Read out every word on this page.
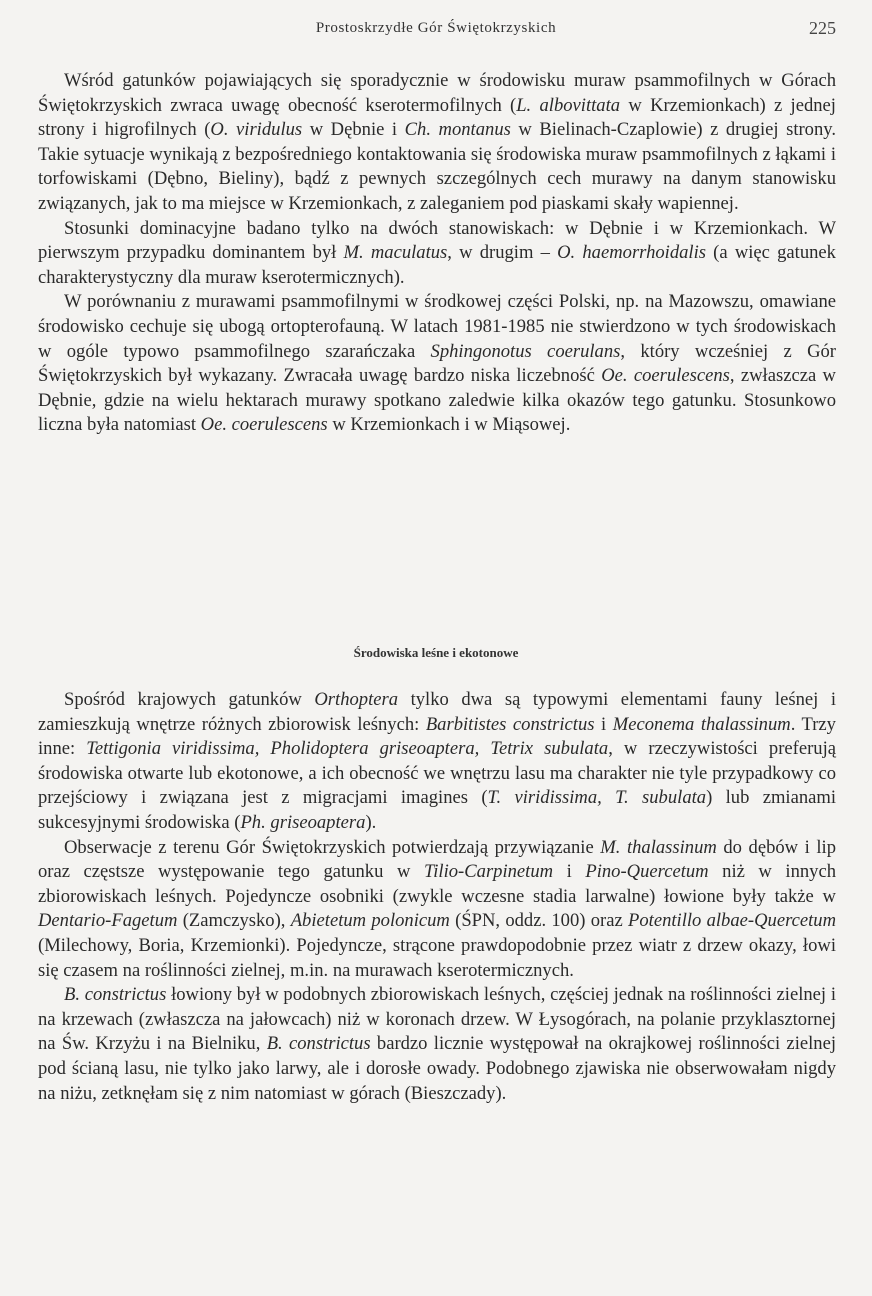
Prostoskrzydłe Gór Świętokrzyskich	225

Wśród gatunków pojawiających się sporadycznie w środowisku muraw psammofilnych w Górach Świętokrzyskich zwraca uwagę obecność kserotermofilnych (L. albovittata w Krzemionkach) z jednej strony i higrofilnych (O. viridulus w Dębnie i Ch. montanus w Bielinach-Czaplowie) z drugiej strony. Takie sytuacje wynikają z bezpośredniego kontaktowania się środowiska muraw psammofilnych z łąkami i torfowiskami (Dębno, Bieliny), bądź z pewnych szczególnych cech murawy na danym stanowisku związanych, jak to ma miejsce w Krzemionkach, z zaleganiem pod piaskami skały wapiennej.

Stosunki dominacyjne badano tylko na dwóch stanowiskach: w Dębnie i w Krzemionkach. W pierwszym przypadku dominantem był M. maculatus, w drugim – O. haemorrhoidalis (a więc gatunek charakterystyczny dla muraw kserotermicznych).

W porównaniu z murawami psammofilnymi w środkowej części Polski, np. na Mazowszu, omawiane środowisko cechuje się ubogą ortopterofauną. W latach 1981-1985 nie stwierdzono w tych środowiskach w ogóle typowo psammofilnego szarańczaka Sphingonotus coerulans, który wcześniej z Gór Świętokrzyskich był wykazany. Zwracała uwagę bardzo niska liczebność Oe. coerulescens, zwłaszcza w Dębnie, gdzie na wielu hektarach murawy spotkano zaledwie kilka okazów tego gatunku. Stosunkowo liczna była natomiast Oe. coerulescens w Krzemionkach i w Miąsowej.

Środowiska leśne i ekotonowe

Spośród krajowych gatunków Orthoptera tylko dwa są typowymi elementami fauny leśnej i zamieszkują wnętrze różnych zbiorowisk leśnych: Barbitistes constrictus i Meconema thalassinum. Trzy inne: Tettigonia viridissima, Pholidoptera griseoaptera, Tetrix subulata, w rzeczywistości preferują środowiska otwarte lub ekotonowe, a ich obecność we wnętrzu lasu ma charakter nie tyle przypadkowy co przejściowy i związana jest z migracjami imagines (T. viridissima, T. subulata) lub zmianami sukcesyjnymi środowiska (Ph. griseoaptera).

Obserwacje z terenu Gór Świętokrzyskich potwierdzają przywiązanie M. thalassinum do dębów i lip oraz częstsze występowanie tego gatunku w Tilio-Carpinetum i Pino-Quercetum niż w innych zbiorowiskach leśnych. Pojedyncze osobniki (zwykle wczesne stadia larwalne) łowione były także w Dentario-Fagetum (Zamczysko), Abietetum polonicum (ŚPN, oddz. 100) oraz Potentillo albae-Quercetum (Milechowy, Boria, Krzemionki). Pojedyncze, strącone prawdopodobnie przez wiatr z drzew okazy, łowi się czasem na roślinności zielnej, m.in. na murawach kserotermicznych.

B. constrictus łowiony był w podobnych zbiorowiskach leśnych, częściej jednak na roślinności zielnej i na krzewach (zwłaszcza na jałowcach) niż w koronach drzew. W Łysogórach, na polanie przyklasztornej na Św. Krzyżu i na Bielniku, B. constrictus bardzo licznie występował na okrajkowej roślinności zielnej pod ścianą lasu, nie tylko jako larwy, ale i dorosłe owady. Podobnego zjawiska nie obserwowałam nigdy na niżu, zetknęłam się z nim natomiast w górach (Bieszczady).
